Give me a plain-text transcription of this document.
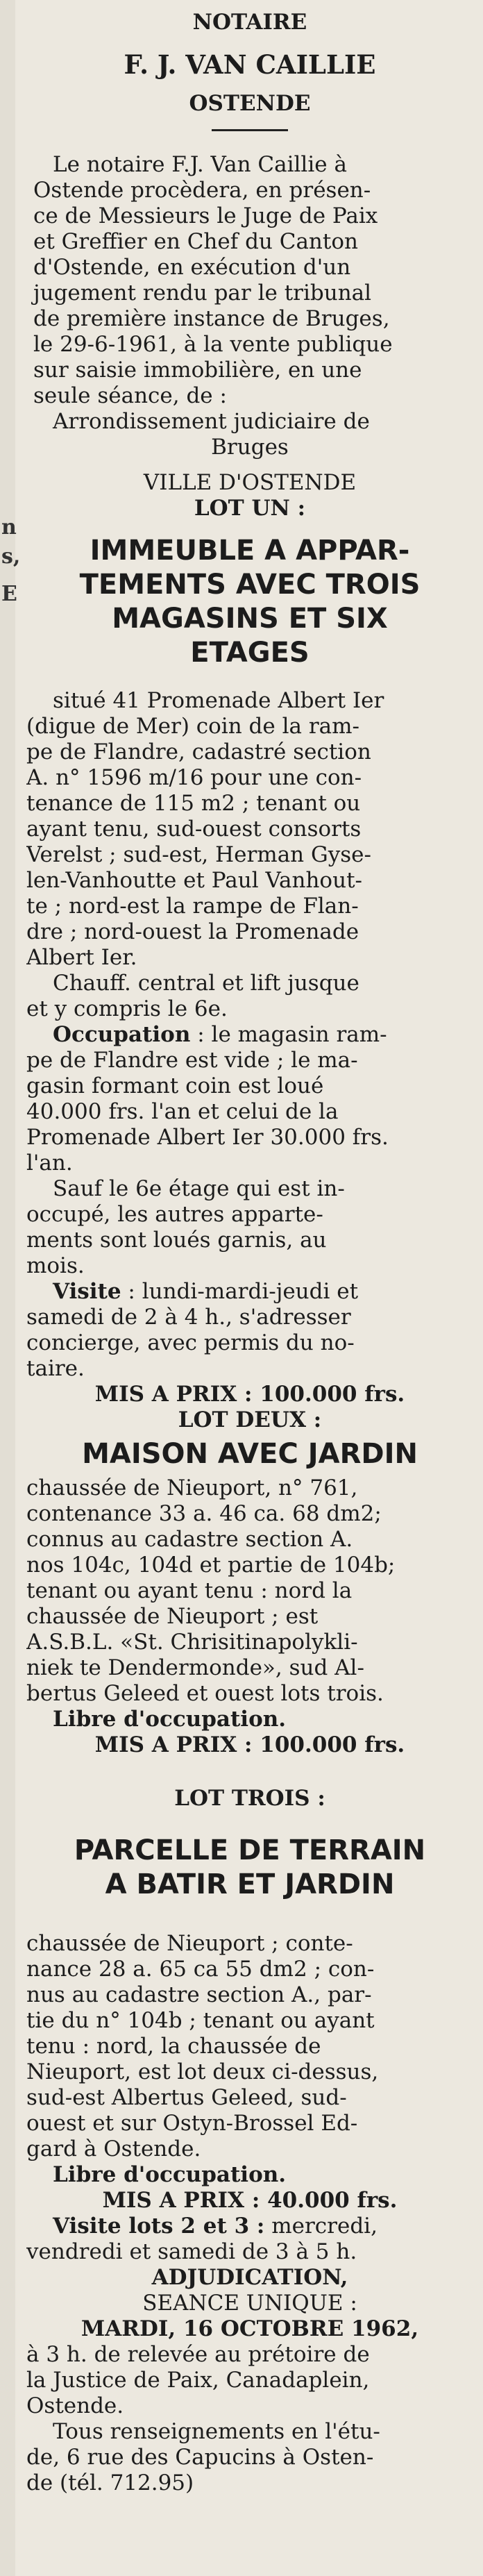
n
s,
E
NOTAIRE
F. J. VAN CAILLIE
OSTENDE
Le notaire F.J. Van Caillie à
Ostende procèdera, en présen-
ce de Messieurs le Juge de Paix
et Greffier en Chef du Canton
d'Ostende, en exécution d'un
jugement rendu par le tribunal
de première instance de Bruges,
le 29-6-1961, à la vente publique
sur saisie immobilière, en une
seule séance, de :
Arrondissement judiciaire de
Bruges
VILLE D'OSTENDE
LOT UN :
IMMEUBLE A APPAR-
TEMENTS AVEC TROIS
MAGASINS ET SIX
ETAGES
situé 41 Promenade Albert Ier
(digue de Mer) coin de la ram-
pe de Flandre, cadastré section
A. n° 1596 m/16 pour une con-
tenance de 115 m2 ; tenant ou
ayant tenu, sud-ouest consorts
Verelst ; sud-est, Herman Gysе-
len-Vanhoutte et Paul Vanhout-
te ; nord-est la rampe de Flan-
dre ; nord-ouest la Promenade
Albert Ier.
Chauff. central et lift jusque
et y compris le 6e.
Occupation : le magasin ram-
pe de Flandre est vide ; le ma-
gasin formant coin est loué
40.000 frs. l'an et celui de la
Promenade Albert Ier 30.000 frs.
l'an.
Sauf le 6e étage qui est in-
occupé, les autres apparte-
ments sont loués garnis, au
mois.
Visite : lundi-mardi-jeudi et
samedi de 2 à 4 h., s'adresser
concierge, avec permis du no-
taire.
MIS A PRIX : 100.000 frs.
LOT DEUX :
MAISON AVEC JARDIN
chaussée de Nieuport, n° 761,
contenance 33 a. 46 ca. 68 dm2;
connus au cadastre section A.
nos 104c, 104d et partie de 104b;
tenant ou ayant tenu : nord la
chaussée de Nieuport ; est
A.S.B.L. «St. Chrisitinapolykli-
niek te Dendermonde», sud Al-
bertus Geleed et ouest lots trois.
Libre d'occupation.
MIS A PRIX : 100.000 frs.
LOT TROIS :
PARCELLE DE TERRAIN
A BATIR ET JARDIN
chaussée de Nieuport ; conte-
nance 28 a. 65 ca 55 dm2 ; con-
nus au cadastre section A., par-
tie du n° 104b ; tenant ou ayant
tenu : nord, la chaussée de
Nieuport, est lot deux ci-dessus,
sud-est Albertus Geleed, sud-
ouest et sur Ostyn-Brossel Ed-
gard à Ostende.
Libre d'occupation.
MIS A PRIX : 40.000 frs.
Visite lots 2 et 3 : mercredi,
vendredi et samedi de 3 à 5 h.
ADJUDICATION,
SEANCE UNIQUE :
MARDI, 16 OCTOBRE 1962,
à 3 h. de relevée au prétoire de
la Justice de Paix, Canadaplein,
Ostende.
Tous renseignements en l'étu-
de, 6 rue des Capucins à Osten-
de (tél. 712.95)
